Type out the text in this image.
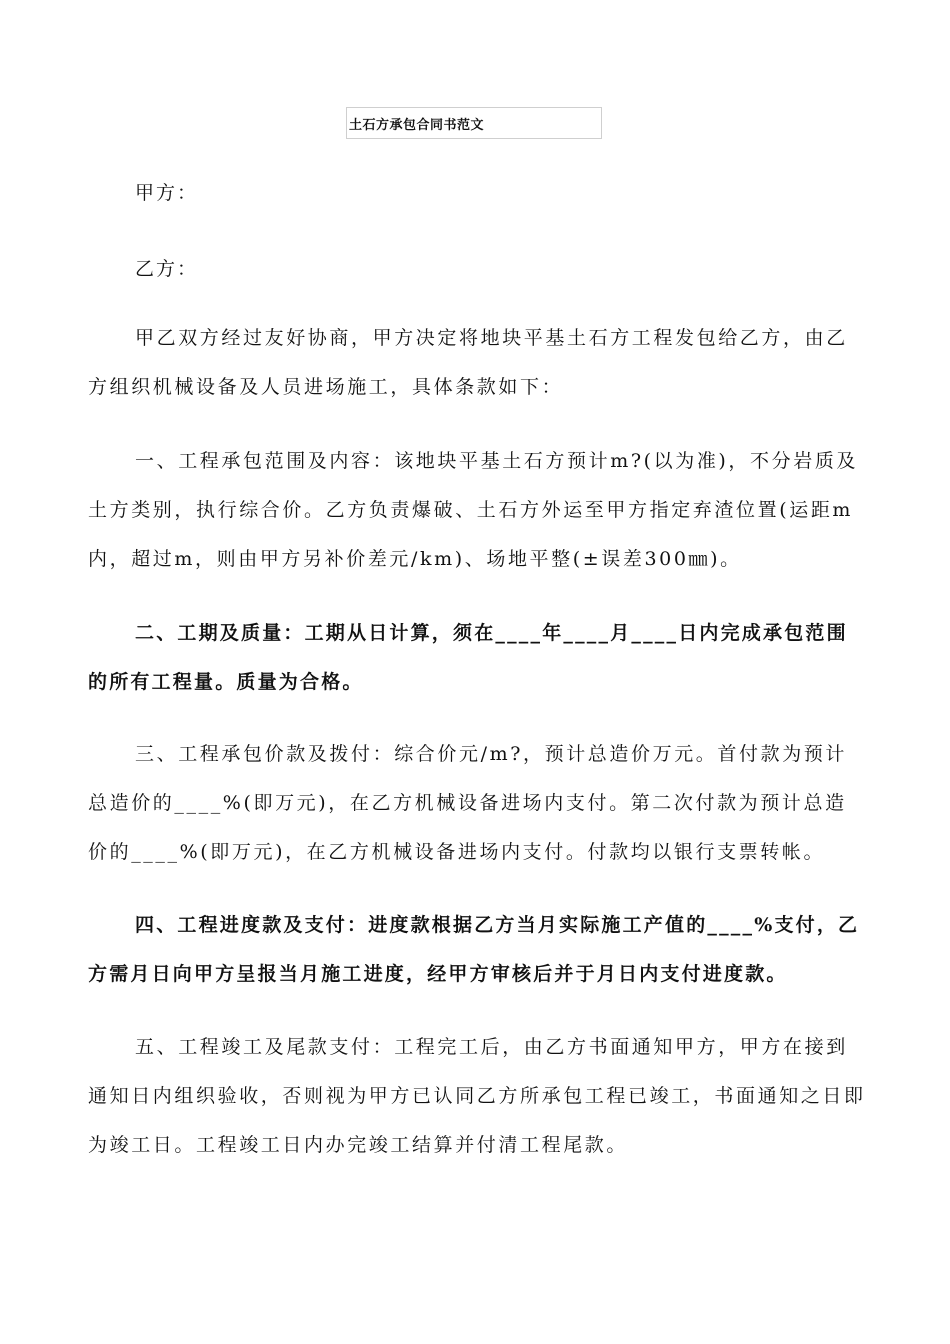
土石方承包合同书范文
甲方：
乙方：

甲乙双方经过友好协商，甲方决定将地块平基土石方工程发包给乙方，由乙方组织机械设备及人员进场施工，具体条款如下：

一、工程承包范围及内容：该地块平基土石方预计m?(以为准)，不分岩质及土方类别，执行综合价。乙方负责爆破、土石方外运至甲方指定弃渣位置(运距m内，超过m，则由甲方另补价差元/km)、场地平整(±误差300㎜)。

二、工期及质量：工期从日计算，须在____年____月____日内完成承包范围的所有工程量。质量为合格。

三、工程承包价款及拨付：综合价元/m?，预计总造价万元。首付款为预计总造价的____%(即万元)，在乙方机械设备进场内支付。第二次付款为预计总造价的____%(即万元)，在乙方机械设备进场内支付。付款均以银行支票转帐。

四、工程进度款及支付：进度款根据乙方当月实际施工产值的____%支付，乙方需月日向甲方呈报当月施工进度，经甲方审核后并于月日内支付进度款。

五、工程竣工及尾款支付：工程完工后，由乙方书面通知甲方，甲方在接到通知日内组织验收，否则视为甲方已认同乙方所承包工程已竣工，书面通知之日即为竣工日。工程竣工日内办完竣工结算并付清工程尾款。
